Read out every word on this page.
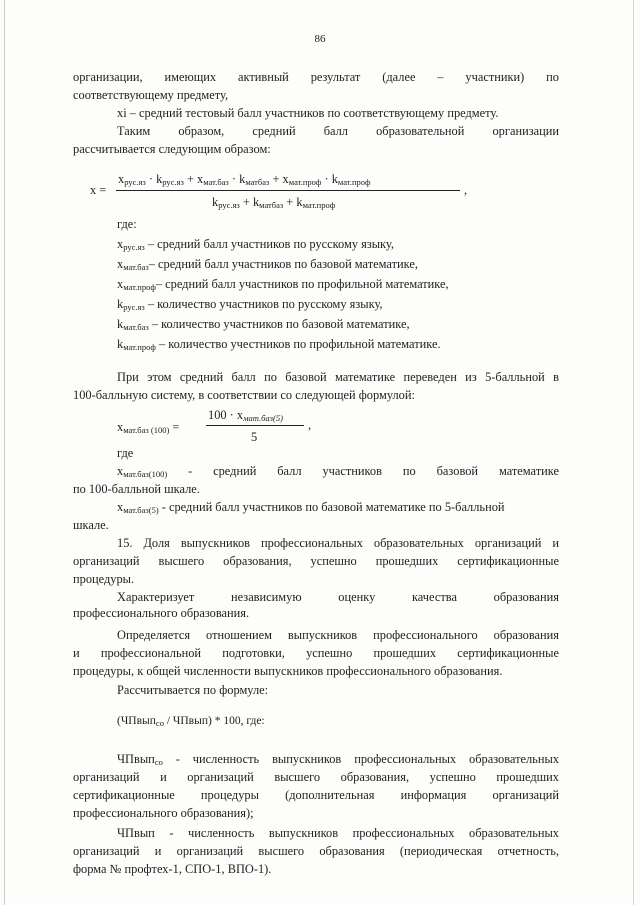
86
организации, имеющих активный результат (далее – участники) по
соответствующему предмету,
xi – средний тестовый балл участников по соответствующему предмету.
Таким образом, средний балл образовательной организации
рассчитывается следующим образом:
x =
xрус.яз · kрус.яз + xмат.баз · kматбаз + xмат.проф · kмат.проф
,
kрус.яз + kматбаз + kмат.проф
где:
xрус.яз – средний балл участников по русскому языку,
xмат.баз– средний балл участников по базовой математике,
xмат.проф– средний балл участников по профильной математике,
kрус.яз – количество участников по русскому языку,
kмат.баз – количество участников по базовой математике,
kмат.проф – количество учестников по профильной математике.
При этом средний балл по базовой математике переведен из 5-балльной в
100-балльную систему, в соответствии со следующей формулой:
xмат.баз (100) =
100 · xмат.баз(5) ,
5
где
xмат.баз(100) - средний балл участников по базовой математике
по 100-балльной шкале.
xмат.баз(5) - средний балл участников по базовой математике по 5-балльной
шкале.
15. Доля выпускников профессиональных образовательных организаций и
организаций высшего образования, успешно прошедших сертификационные
процедуры.
Характеризует независимую оценку качества образования
профессионального образования.
Определяется отношением выпускников профессионального образования
и профессиональной подготовки, успешно прошедших сертификационные
процедуры, к общей численности выпускников профессионального образования.
Рассчитывается по формуле:
(ЧПвыпсо / ЧПвып) * 100, где:
ЧПвыпсо - численность выпускников профессиональных образовательных
организаций и организаций высшего образования, успешно прошедших
сертификационные процедуры (дополнительная информация организаций
профессионального образования);
ЧПвып - численность выпускников профессиональных образовательных
организаций и организаций высшего образования (периодическая отчетность,
форма № профтех-1, СПО-1, ВПО-1).
